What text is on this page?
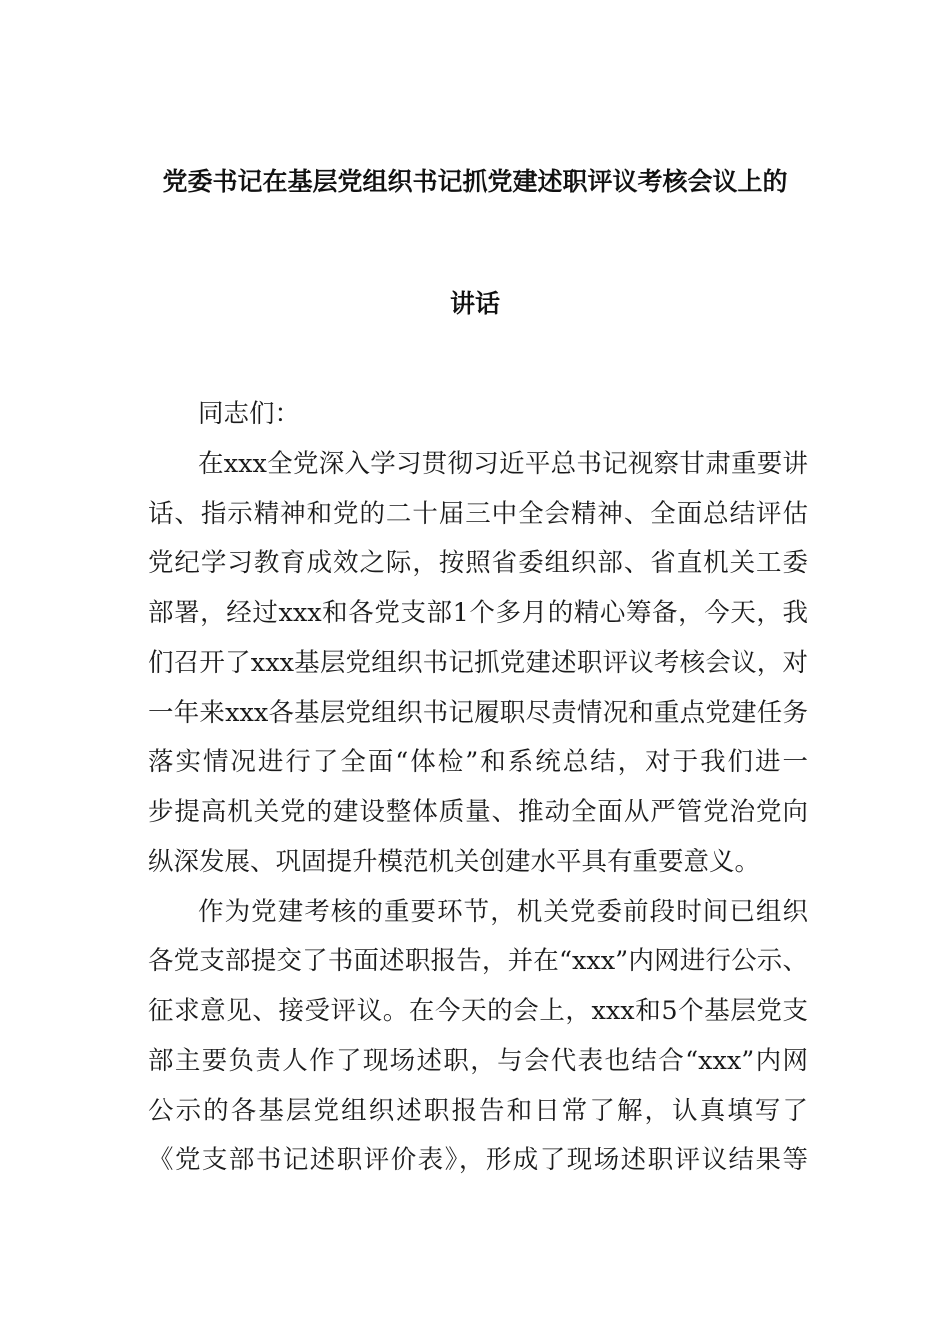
党委书记在基层党组织书记抓党建述职评议考核会议上的
讲话
同志们：
在xxx全党深入学习贯彻习近平总书记视察甘肃重要讲
话、指示精神和党的二十届三中全会精神、全面总结评估
党纪学习教育成效之际，按照省委组织部、省直机关工委
部署，经过xxx和各党支部1个多月的精心筹备，今天，我
们召开了xxx基层党组织书记抓党建述职评议考核会议，对
一年来xxx各基层党组织书记履职尽责情况和重点党建任务
落实情况进行了全面“体检”和系统总结，对于我们进一
步提高机关党的建设整体质量、推动全面从严管党治党向
纵深发展、巩固提升模范机关创建水平具有重要意义。
作为党建考核的重要环节，机关党委前段时间已组织
各党支部提交了书面述职报告，并在“xxx”内网进行公示、
征求意见、接受评议。在今天的会上，xxx和5个基层党支
部主要负责人作了现场述职，与会代表也结合“xxx”内网
公示的各基层党组织述职报告和日常了解，认真填写了
《党支部书记述职评价表》，形成了现场述职评议结果等
